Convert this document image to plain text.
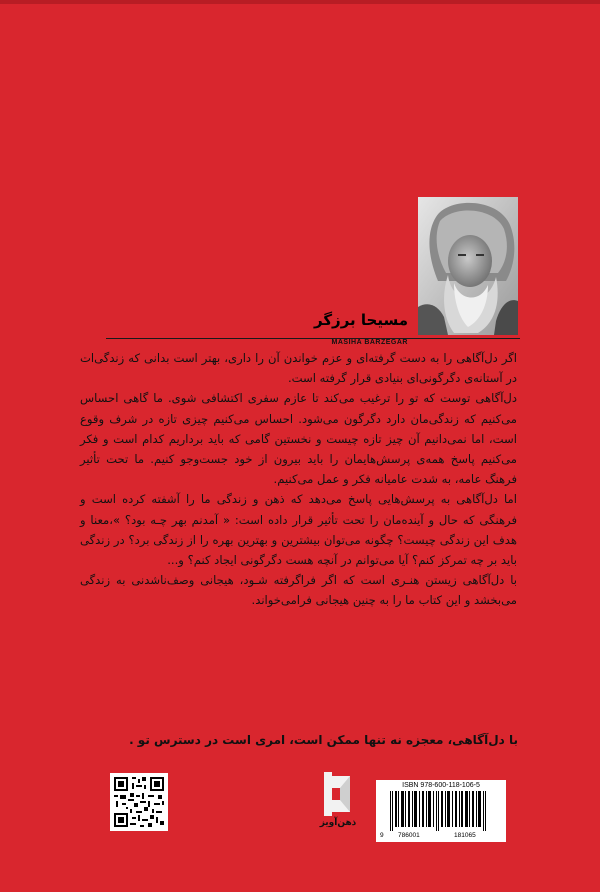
مسیحا برزگر
MASIHA BARZEGAR

اگر دل‌آگاهی را به دست گرفته‌ای و عزم خواندن آن را داری، بهتر است بدانی که زندگی‌ات در آستانه‌ی دگرگونی‌ای بنیادی قرار گرفته است.

دل‌آگاهی توست که تو را ترغیب می‌کند تا عازم سفری اکتشافی شوی. ما گاهی احساس می‌کنیم که زندگی‌مان دارد دگرگون می‌شود. احساس می‌کنیم چیزی تازه در شرف وقوع است، اما نمی‌دانیم آن چیز تازه چیست و نخستین گامی که باید برداریم کدام است و فکر می‌کنیم پاسخ همه‌ی پرسش‌هایمان را باید بیرون از خود جست‌وجو کنیم. ما تحت تأثیر فرهنگ عامه، به شدت عامیانه فکر و عمل می‌کنیم.

اما دل‌آگاهی به پرسش‌هایی پاسخ می‌دهد که ذهن و زندگی ما را آشفته کرده است و فرهنگی که حال و آینده‌مان را تحت تأثیر قرار داده است: « آمدنم بهر چـه بود؟ »،معنا و هدف این زندگی چیست؟ چگونه می‌توان بیشترین و بهترین بهره را از زندگی برد؟ در زندگی باید بر چه تمرکز کنم؟ آیا می‌توانم در آنچه هست دگرگونی ایجاد کنم؟ و...

با دل‌آگاهی زیستن هنـری است که اگر فراگرفته شـود، هیجانی وصف‌ناشدنی به زندگی می‌بخشد و این کتاب ما را به چنین هیجانی فرامی‌خواند.

با دل‌آگاهی، معجزه نه تنها ممکن است، امری است در دسترس تو .
ذهن‌آویز
ISBN 978-600-118-106-5
786001	181065
9
